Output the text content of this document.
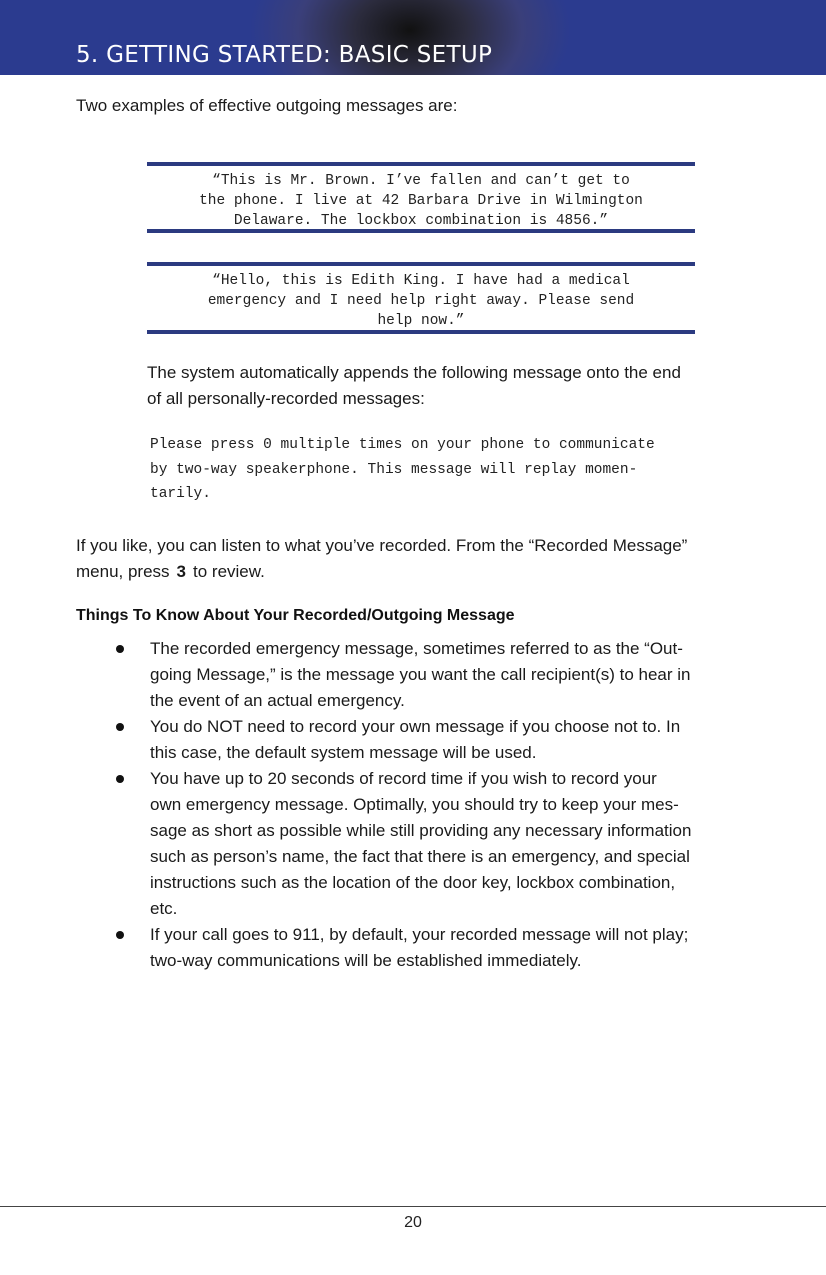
5. GETTING STARTED: BASIC SETUP

Two examples of effective outgoing messages are:

“This is Mr. Brown. I’ve fallen and can’t get to
the phone. I live at 42 Barbara Drive in Wilmington
Delaware. The lockbox combination is 4856.”
“Hello, this is Edith King. I have had a medical
emergency and I need help right away. Please send
help now.”
The system automatically appends the following message onto the end
of all personally-recorded messages:
Please press 0 multiple times on your phone to communicate
by two-way speakerphone. This message will replay momen-
tarily.
If you like, you can listen to what you’ve recorded. From the “Recorded Message”
menu, press 3 to review.
Things To Know About Your Recorded/Outgoing Message
The recorded emergency message, sometimes referred to as the “Out-
going Message,” is the message you want the call recipient(s) to hear in
the event of an actual emergency.
You do NOT need to record your own message if you choose not to. In
this case, the default system message will be used.
You have up to 20 seconds of record time if you wish to record your
own emergency message. Optimally, you should try to keep your mes-
sage as short as possible while still providing any necessary information
such as person’s name, the fact that there is an emergency, and special
instructions such as the location of the door key, lockbox combination,
etc.
If your call goes to 911, by default, your recorded message will not play;
two-way communications will be established immediately.
20
